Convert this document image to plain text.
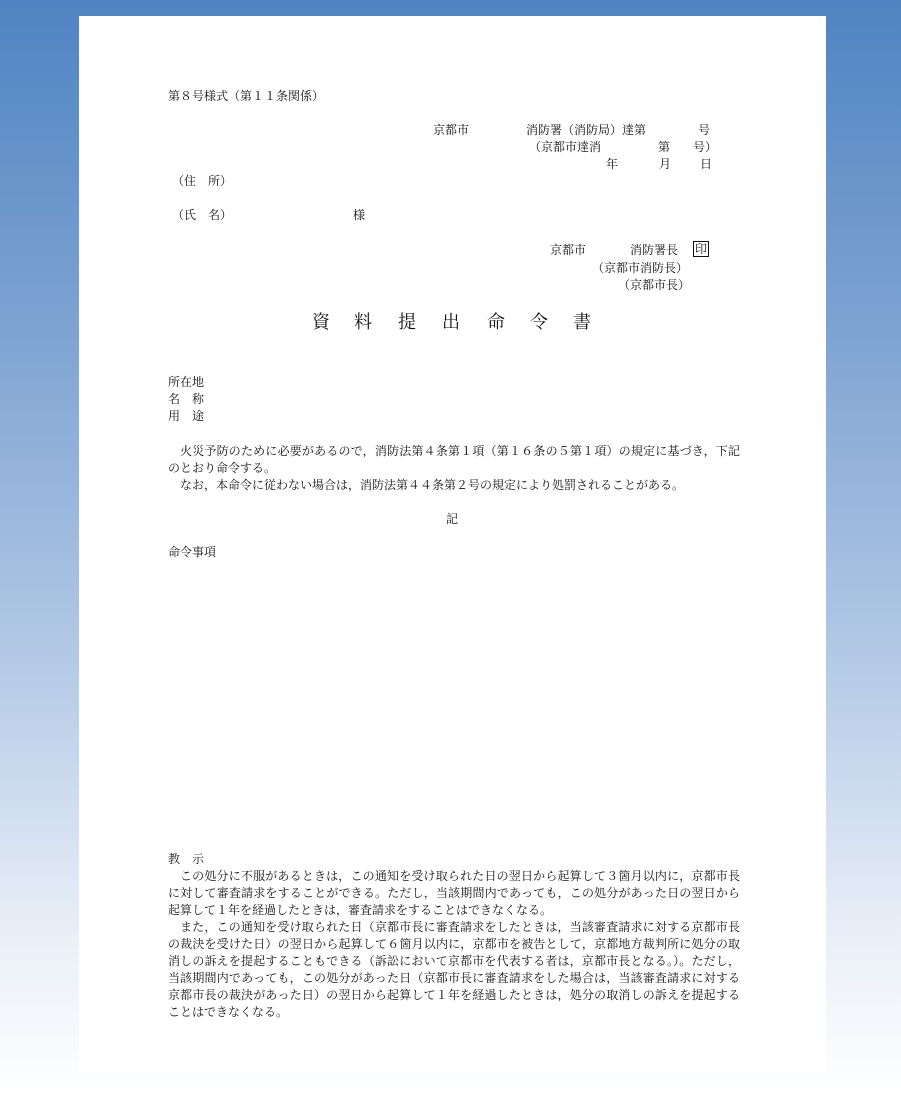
第８号様式（第１１条関係）
京都市	消防署（消防局）達第	号
（京都市達消	第 号）
年	月 日
（住　所）
（氏　名）	様
京都市	消防署長 印
（京都市消防長）
（京都市長）
資 料 提 出 命 令 書
所在地
名　称
用　途
火災予防のために必要があるので，消防法第４条第１項（第１６条の５第１項）の規定に基づき，下記のとおり命令する。
なお，本命令に従わない場合は，消防法第４４条第２号の規定により処罰されることがある。
記
命令事項
教　示
この処分に不服があるときは，この通知を受け取られた日の翌日から起算して３箇月以内に，京都市長に対して審査請求をすることができる。ただし，当該期間内であっても，この処分があった日の翌日から起算して１年を経過したときは，審査請求をすることはできなくなる。
また，この通知を受け取られた日（京都市長に審査請求をしたときは，当該審査請求に対する京都市長の裁決を受けた日）の翌日から起算して６箇月以内に，京都市を被告として，京都地方裁判所に処分の取消しの訴えを提起することもできる（訴訟において京都市を代表する者は，京都市長となる。）。ただし，当該期間内であっても，この処分があった日（京都市長に審査請求をした場合は，当該審査請求に対する京都市長の裁決があった日）の翌日から起算して１年を経過したときは，処分の取消しの訴えを提起することはできなくなる。
